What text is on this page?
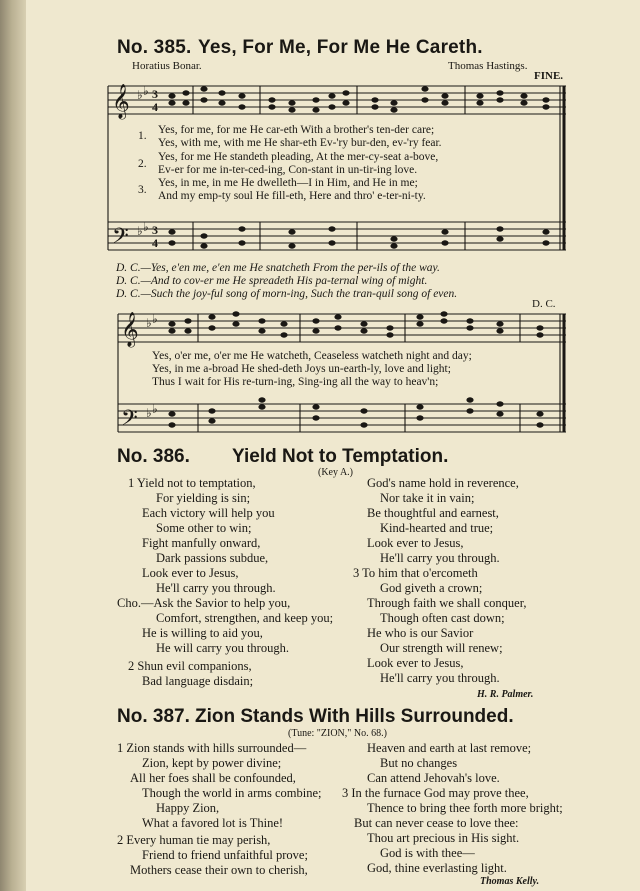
No. 385. Yes, For Me, For Me He Careth.
Horatius Bonar.	Thomas Hastings.
FINE.
𝄞
𝄢
♭ ♭
♭ ♭
3
4
3
4
𝄞
𝄢
♭ ♭
♭ ♭
1.
2.
3.
Yes, for me, for me He car-eth With a brother's ten-der care;
Yes, with me, with me He shar-eth Ev-'ry bur-den, ev-'ry fear.
Yes, for me He standeth pleading, At the mer-cy-seat a-bove,
Ev-er for me in-ter-ced-ing, Con-stant in un-tir-ing love.
Yes, in me, in me He dwelleth—I in Him, and He in me;
And my emp-ty soul He fill-eth, Here and thro' e-ter-ni-ty.
D. C.—Yes, e'en me, e'en me He snatcheth From the per-ils of the way.
D. C.—And to cov-er me He spreadeth His pa-ternal wing of might.
D. C.—Such the joy-ful song of morn-ing, Such the tran-quil song of even.
D. C.
Yes, o'er me, o'er me He watcheth, Ceaseless watcheth night and day;
Yes, in me a-broad He shed-deth Joys un-earth-ly, love and light;
Thus I wait for His re-turn-ing, Sing-ing all the way to heav'n;
No. 386. Yield Not to Temptation.
(Key A.)
1 Yield not to temptation,
For yielding is sin;
Each victory will help you
Some other to win;
Fight manfully onward,
Dark passions subdue,
Look ever to Jesus,
He'll carry you through.
Cho.—Ask the Savior to help you,
Comfort, strengthen, and keep you;
He is willing to aid you,
He will carry you through.
2 Shun evil companions,
Bad language disdain;
God's name hold in reverence,
Nor take it in vain;
Be thoughtful and earnest,
Kind-hearted and true;
Look ever to Jesus,
He'll carry you through.
3 To him that o'ercometh
God giveth a crown;
Through faith we shall conquer,
Though often cast down;
He who is our Savior
Our strength will renew;
Look ever to Jesus,
He'll carry you through.
H. R. Palmer.
No. 387. Zion Stands With Hills Surrounded.
(Tune: "ZION," No. 68.)
1 Zion stands with hills surrounded—
Zion, kept by power divine;
All her foes shall be confounded,
Though the world in arms combine;
Happy Zion,
What a favored lot is Thine!
2 Every human tie may perish,
Friend to friend unfaithful prove;
Mothers cease their own to cherish,
Heaven and earth at last remove;
But no changes
Can attend Jehovah's love.
3 In the furnace God may prove thee,
Thence to bring thee forth more bright;
But can never cease to love thee:
Thou art precious in His sight.
God is with thee—
God, thine everlasting light.
Thomas Kelly.
